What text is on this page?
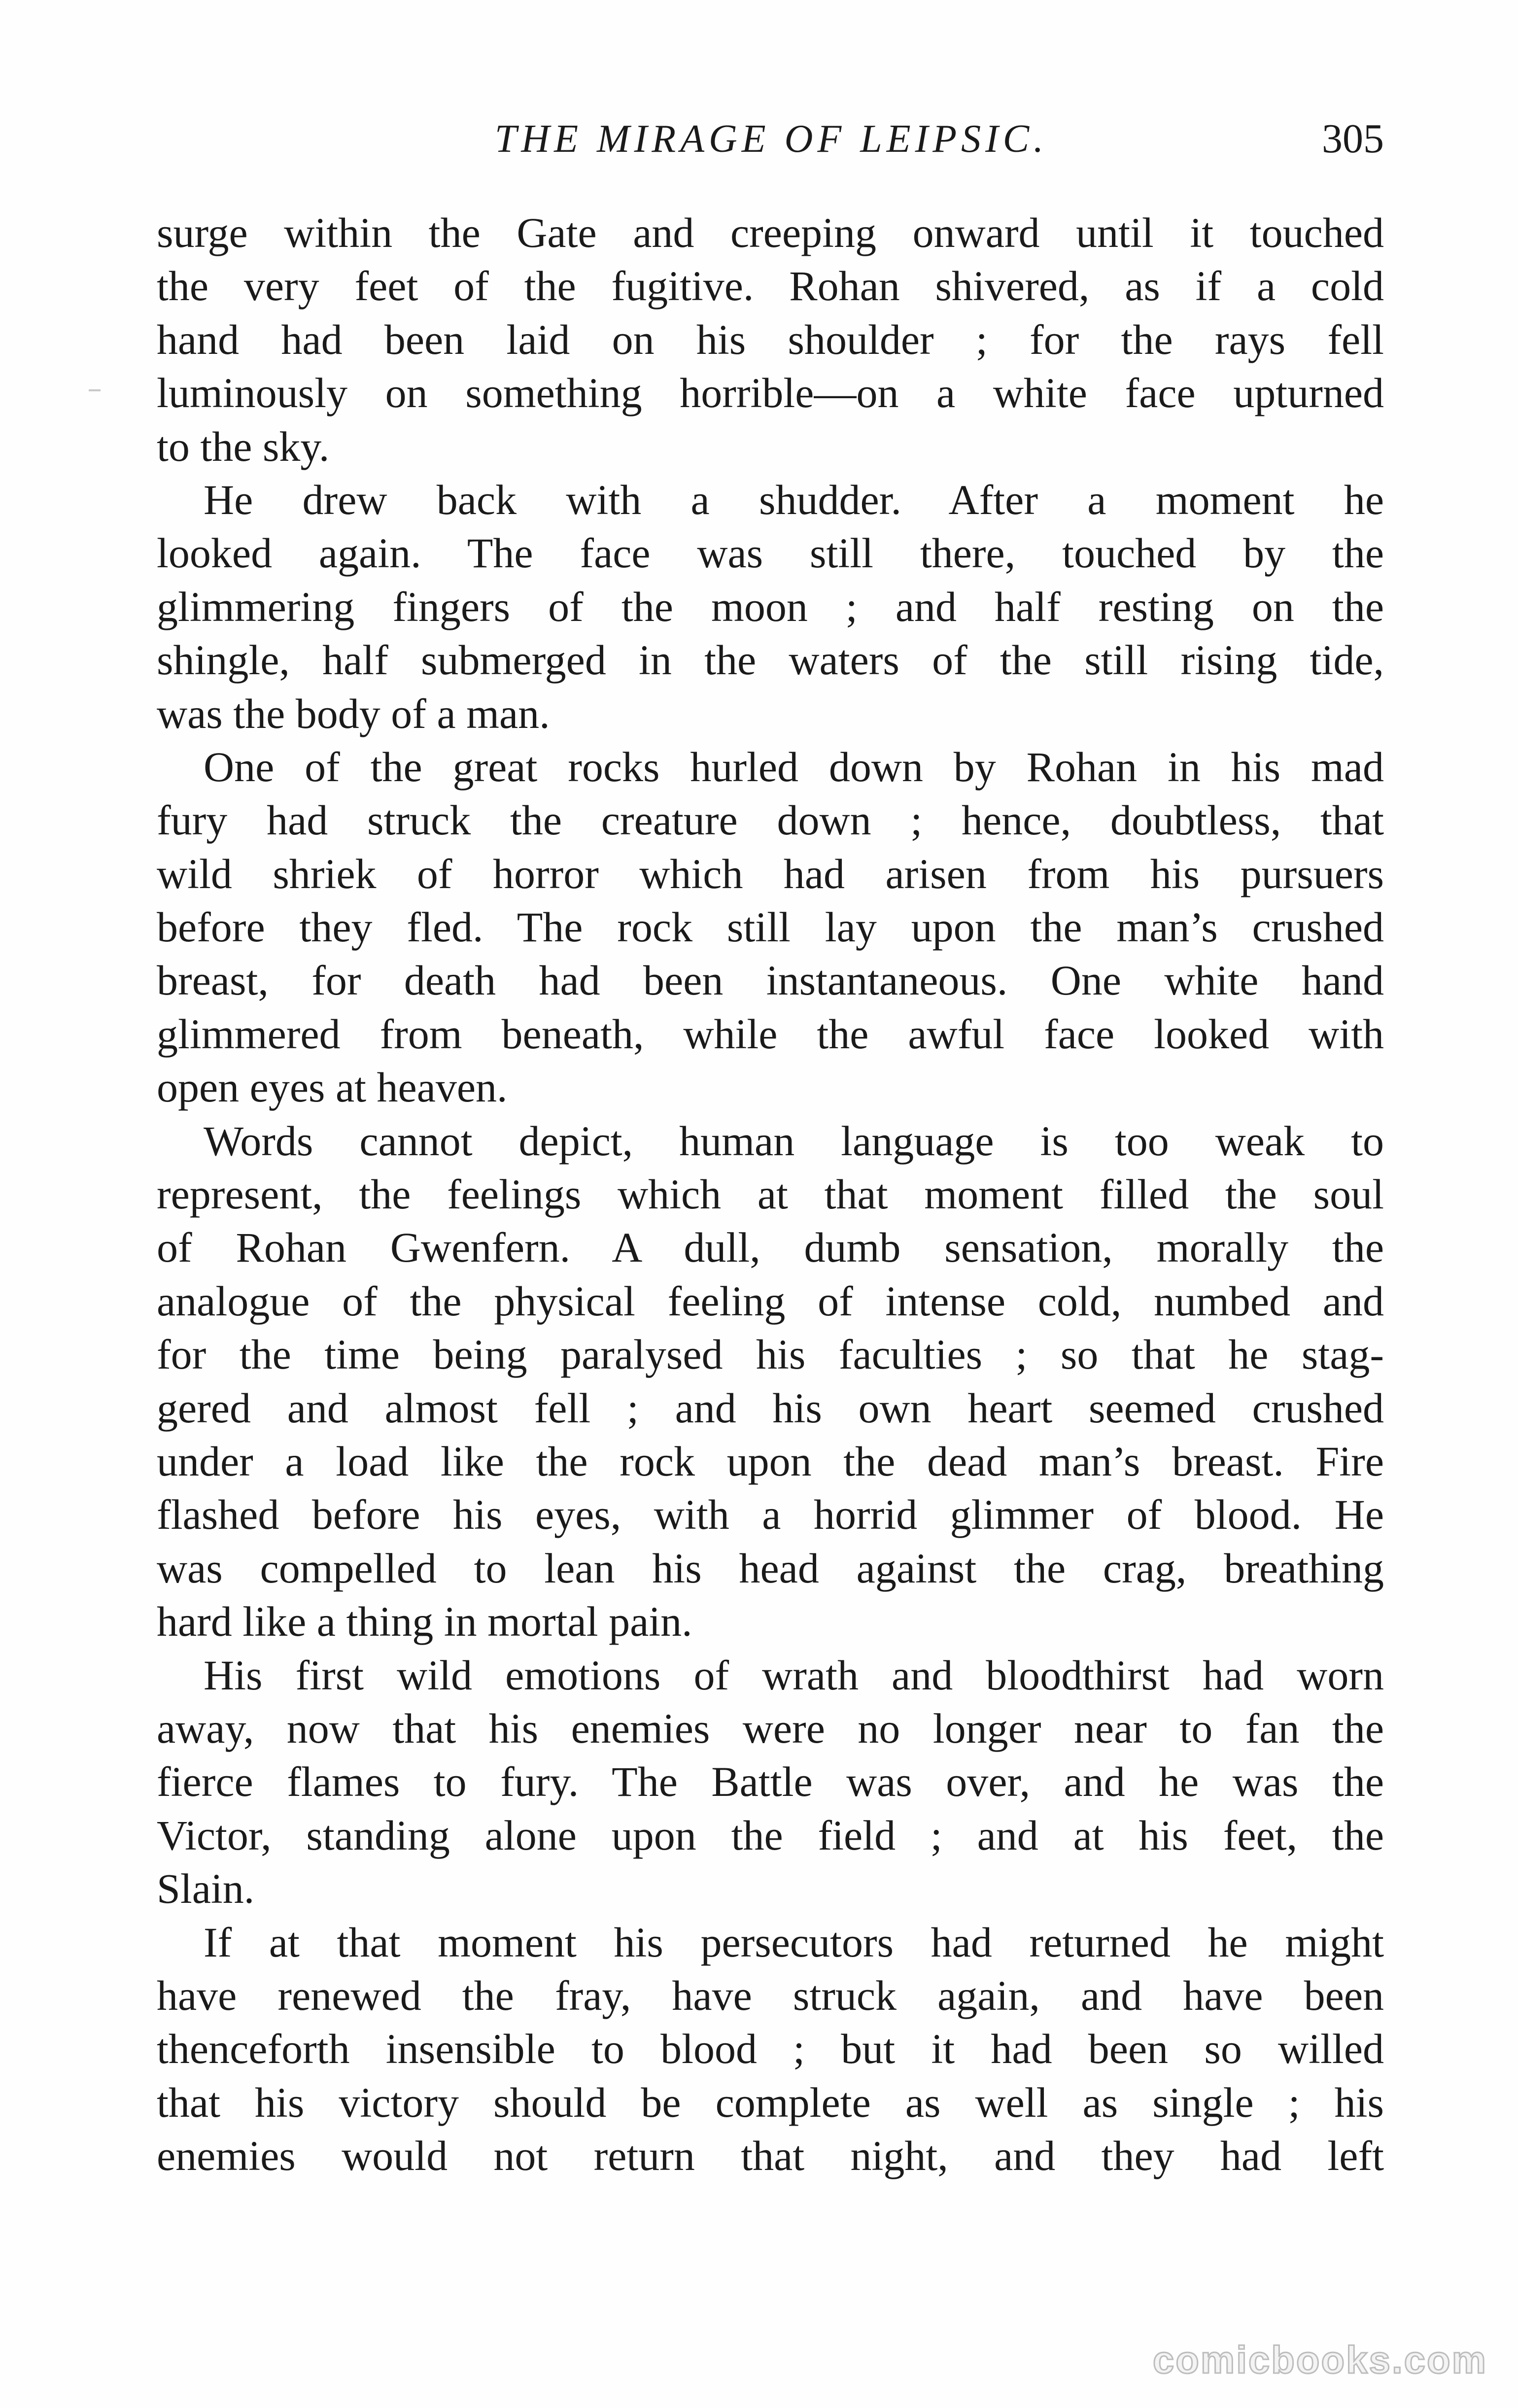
THE MIRAGE OF LEIPSIC.	305
surge within the Gate and creeping onward until it touched
the very feet of the fugitive. Rohan shivered, as if a cold
hand had been laid on his shoulder ; for the rays fell
luminously on something horrible—on a white face upturned
to the sky.
He drew back with a shudder. After a moment he
looked again. The face was still there, touched by the
glimmering fingers of the moon ; and half resting on the
shingle, half submerged in the waters of the still rising tide,
was the body of a man.
One of the great rocks hurled down by Rohan in his mad
fury had struck the creature down ; hence, doubtless, that
wild shriek of horror which had arisen from his pursuers
before they fled. The rock still lay upon the man’s crushed
breast, for death had been instantaneous. One white hand
glimmered from beneath, while the awful face looked with
open eyes at heaven.
Words cannot depict, human language is too weak to
represent, the feelings which at that moment filled the soul
of Rohan Gwenfern. A dull, dumb sensation, morally the
analogue of the physical feeling of intense cold, numbed and
for the time being paralysed his faculties ; so that he stag-
gered and almost fell ; and his own heart seemed crushed
under a load like the rock upon the dead man’s breast. Fire
flashed before his eyes, with a horrid glimmer of blood. He
was compelled to lean his head against the crag, breathing
hard like a thing in mortal pain.
His first wild emotions of wrath and bloodthirst had worn
away, now that his enemies were no longer near to fan the
fierce flames to fury. The Battle was over, and he was the
Victor, standing alone upon the field ; and at his feet, the
Slain.
If at that moment his persecutors had returned he might
have renewed the fray, have struck again, and have been
thenceforth insensible to blood ; but it had been so willed
that his victory should be complete as well as single ; his
enemies would not return that night, and they had left
comicbooks.com
